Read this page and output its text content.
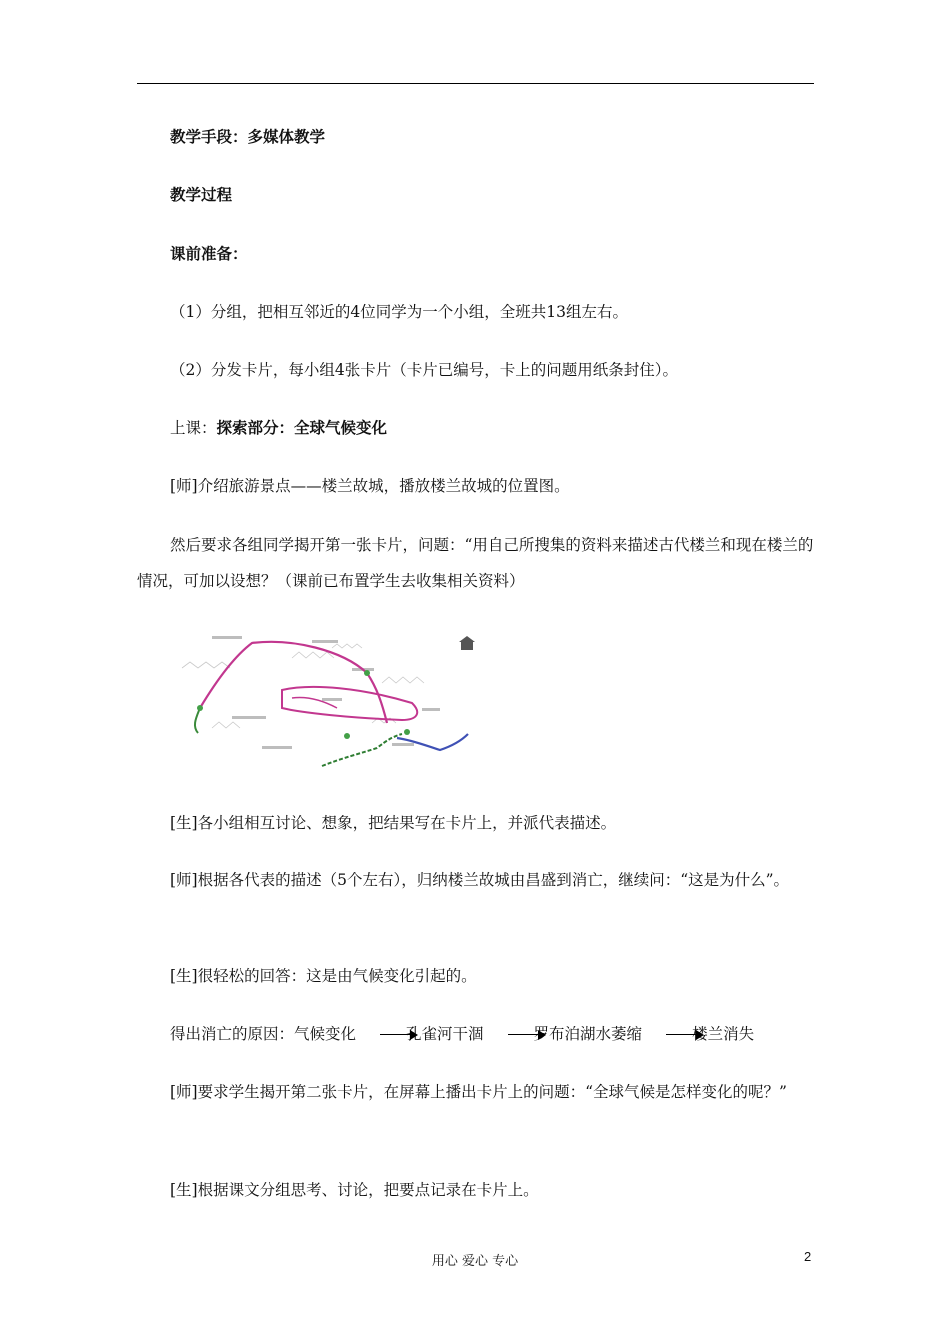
教学手段：多媒体教学
教学过程
课前准备：
（1）分组，把相互邻近的4位同学为一个小组，全班共13组左右。
（2）分发卡片，每小组4张卡片（卡片已编号，卡上的问题用纸条封住）。
上课：探索部分：全球气候变化
[师]介绍旅游景点——楼兰故城，播放楼兰故城的位置图。
然后要求各组同学揭开第一张卡片，问题：“用自己所搜集的资料来描述古代楼兰和现在楼兰的情况，可加以设想？（课前已布置学生去收集相关资料）
[生]各小组相互讨论、想象，把结果写在卡片上，并派代表描述。
[师]根据各代表的描述（5个左右），归纳楼兰故城由昌盛到消亡，继续问：“这是为什么”。
[生]很轻松的回答：这是由气候变化引起的。
得出消亡的原因：气候变化	孔雀河干涸	罗布泊湖水萎缩	楼兰消失
[师]要求学生揭开第二张卡片，在屏幕上播出卡片上的问题：“全球气候是怎样变化的呢？”
[生]根据课文分组思考、讨论，把要点记录在卡片上。
用心 爱心 专心	2
